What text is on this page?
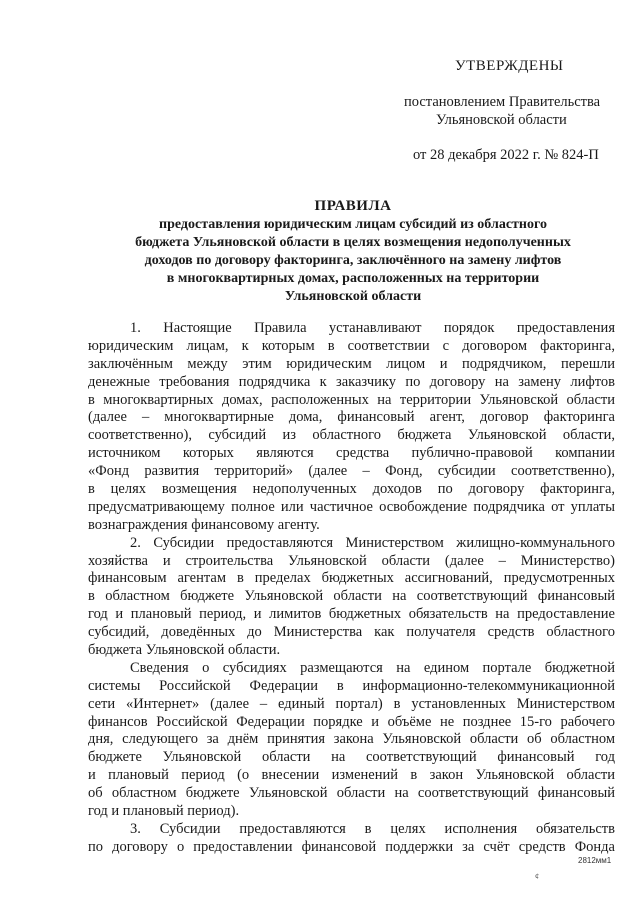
УТВЕРЖДЕНЫ
постановлением Правительства
Ульяновской области
от 28 декабря 2022 г. № 824-П
ПРАВИЛА
предоставления юридическим лицам субсидий из областного
бюджета Ульяновской области в целях возмещения недополученных
доходов по договору факторинга, заключённого на замену лифтов
в многоквартирных домах, расположенных на территории
Ульяновской области
1. Настоящие Правила устанавливают порядок предоставления
юридическим лицам, к которым в соответствии с договором факторинга,
заключённым между этим юридическим лицом и подрядчиком, перешли
денежные требования подрядчика к заказчику по договору на замену лифтов
в многоквартирных домах, расположенных на территории Ульяновской области
(далее – многоквартирные дома, финансовый агент, договор факторинга
соответственно), субсидий из областного бюджета Ульяновской области,
источником которых являются средства публично-правовой компании
«Фонд развития территорий» (далее – Фонд, субсидии соответственно),
в целях возмещения недополученных доходов по договору факторинга,
предусматривающему полное или частичное освобождение подрядчика от уплаты
вознаграждения финансовому агенту.
2. Субсидии предоставляются Министерством жилищно-коммунального
хозяйства и строительства Ульяновской области (далее – Министерство)
финансовым агентам в пределах бюджетных ассигнований, предусмотренных
в областном бюджете Ульяновской области на соответствующий финансовый
год и плановый период, и лимитов бюджетных обязательств на предоставление
субсидий, доведённых до Министерства как получателя средств областного
бюджета Ульяновской области.
Сведения о субсидиях размещаются на едином портале бюджетной
системы Российской Федерации в информационно-телекоммуникационной
сети «Интернет» (далее – единый портал) в установленных Министерством
финансов Российской Федерации порядке и объёме не позднее 15-го рабочего
дня, следующего за днём принятия закона Ульяновской области об областном
бюджете Ульяновской области на соответствующий финансовый год
и плановый период (о внесении изменений в закон Ульяновской области
об областном бюджете Ульяновской области на соответствующий финансовый
год и плановый период).
3. Субсидии предоставляются в целях исполнения обязательств
по договору о предоставлении финансовой поддержки за счёт средств Фонда
2812мм1
¢
